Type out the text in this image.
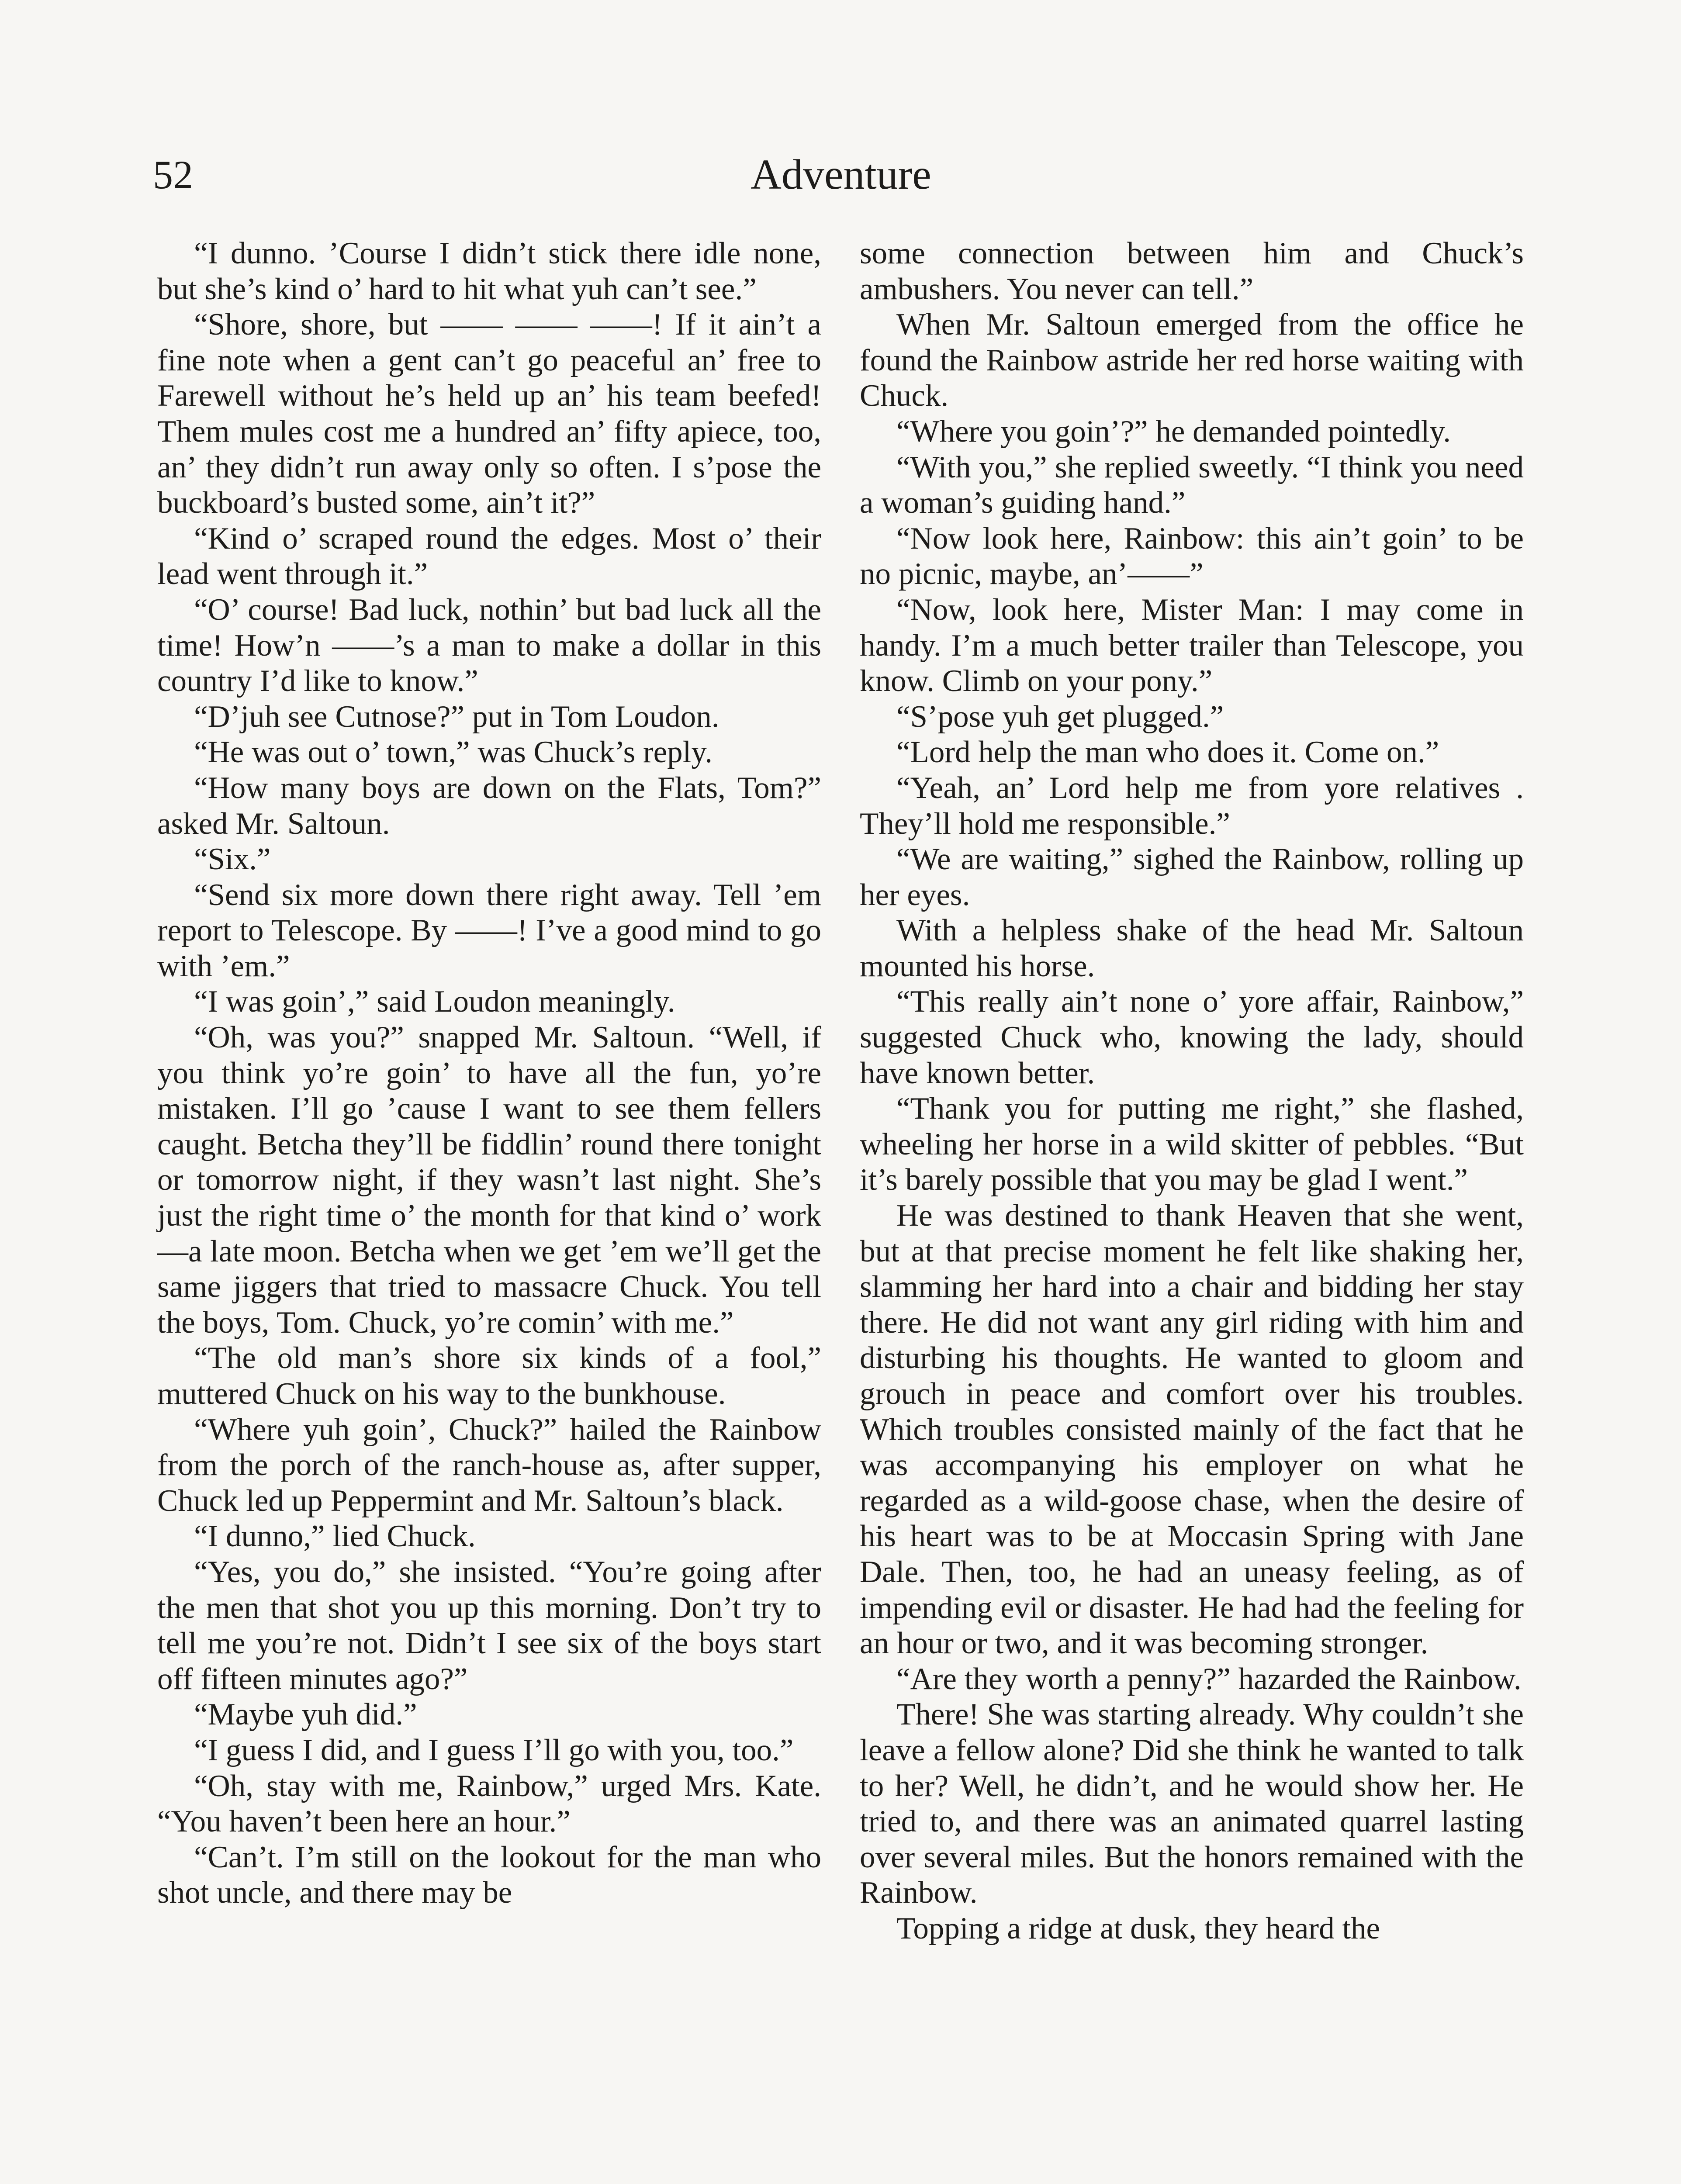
52	Adventure

“I dunno. ’Course I didn’t stick there idle none, but she’s kind o’ hard to hit what yuh can’t see.”

“Shore, shore, but —— —— ——! If it ain’t a fine note when a gent can’t go peaceful an’ free to Farewell without he’s held up an’ his team beefed! Them mules cost me a hundred an’ fifty apiece, too, an’ they didn’t run away only so often. I s’pose the buckboard’s busted some, ain’t it?”

“Kind o’ scraped round the edges. Most o’ their lead went through it.”

“O’ course! Bad luck, nothin’ but bad luck all the time! How’n ——’s a man to make a dollar in this country I’d like to know.”

“D’juh see Cutnose?” put in Tom Loudon.

“He was out o’ town,” was Chuck’s reply.

“How many boys are down on the Flats, Tom?” asked Mr. Saltoun.

“Six.”

“Send six more down there right away. Tell ’em report to Telescope. By ——! I’ve a good mind to go with ’em.”

“I was goin’,” said Loudon meaningly.

“Oh, was you?” snapped Mr. Saltoun. “Well, if you think yo’re goin’ to have all the fun, yo’re mistaken. I’ll go ’cause I want to see them fellers caught. Betcha they’ll be fiddlin’ round there tonight or tomorrow night, if they wasn’t last night. She’s just the right time o’ the month for that kind o’ work—a late moon. Betcha when we get ’em we’ll get the same jiggers that tried to massacre Chuck. You tell the boys, Tom. Chuck, yo’re comin’ with me.”

“The old man’s shore six kinds of a fool,” muttered Chuck on his way to the bunkhouse.

“Where yuh goin’, Chuck?” hailed the Rainbow from the porch of the ranch-house as, after supper, Chuck led up Peppermint and Mr. Saltoun’s black.

“I dunno,” lied Chuck.

“Yes, you do,” she insisted. “You’re going after the men that shot you up this morning. Don’t try to tell me you’re not. Didn’t I see six of the boys start off fifteen minutes ago?”

“Maybe yuh did.”

“I guess I did, and I guess I’ll go with you, too.”

“Oh, stay with me, Rainbow,” urged Mrs. Kate. “You haven’t been here an hour.”

“Can’t. I’m still on the lookout for the man who shot uncle, and there may be

some connection between him and Chuck’s ambushers. You never can tell.”

When Mr. Saltoun emerged from the office he found the Rainbow astride her red horse waiting with Chuck.

“Where you goin’?” he demanded pointedly.

“With you,” she replied sweetly. “I think you need a woman’s guiding hand.”

“Now look here, Rainbow: this ain’t goin’ to be no picnic, maybe, an’——”

“Now, look here, Mister Man: I may come in handy. I’m a much better trailer than Telescope, you know. Climb on your pony.”

“S’pose yuh get plugged.”

“Lord help the man who does it. Come on.”

“Yeah, an’ Lord help me from yore relatives . They’ll hold me responsible.”

“We are waiting,” sighed the Rainbow, rolling up her eyes.

With a helpless shake of the head Mr. Saltoun mounted his horse.

“This really ain’t none o’ yore affair, Rainbow,” suggested Chuck who, knowing the lady, should have known better.

“Thank you for putting me right,” she flashed, wheeling her horse in a wild skitter of pebbles. “But it’s barely possible that you may be glad I went.”

He was destined to thank Heaven that she went, but at that precise moment he felt like shaking her, slamming her hard into a chair and bidding her stay there. He did not want any girl riding with him and disturbing his thoughts. He wanted to gloom and grouch in peace and comfort over his troubles. Which troubles consisted mainly of the fact that he was accompanying his employer on what he regarded as a wild-goose chase, when the desire of his heart was to be at Moccasin Spring with Jane Dale. Then, too, he had an uneasy feeling, as of impending evil or disaster. He had had the feeling for an hour or two, and it was becoming stronger.

“Are they worth a penny?” hazarded the Rainbow.

There! She was starting already. Why couldn’t she leave a fellow alone? Did she think he wanted to talk to her? Well, he didn’t, and he would show her. He tried to, and there was an animated quarrel lasting over several miles. But the honors remained with the Rainbow.

Topping a ridge at dusk, they heard the
